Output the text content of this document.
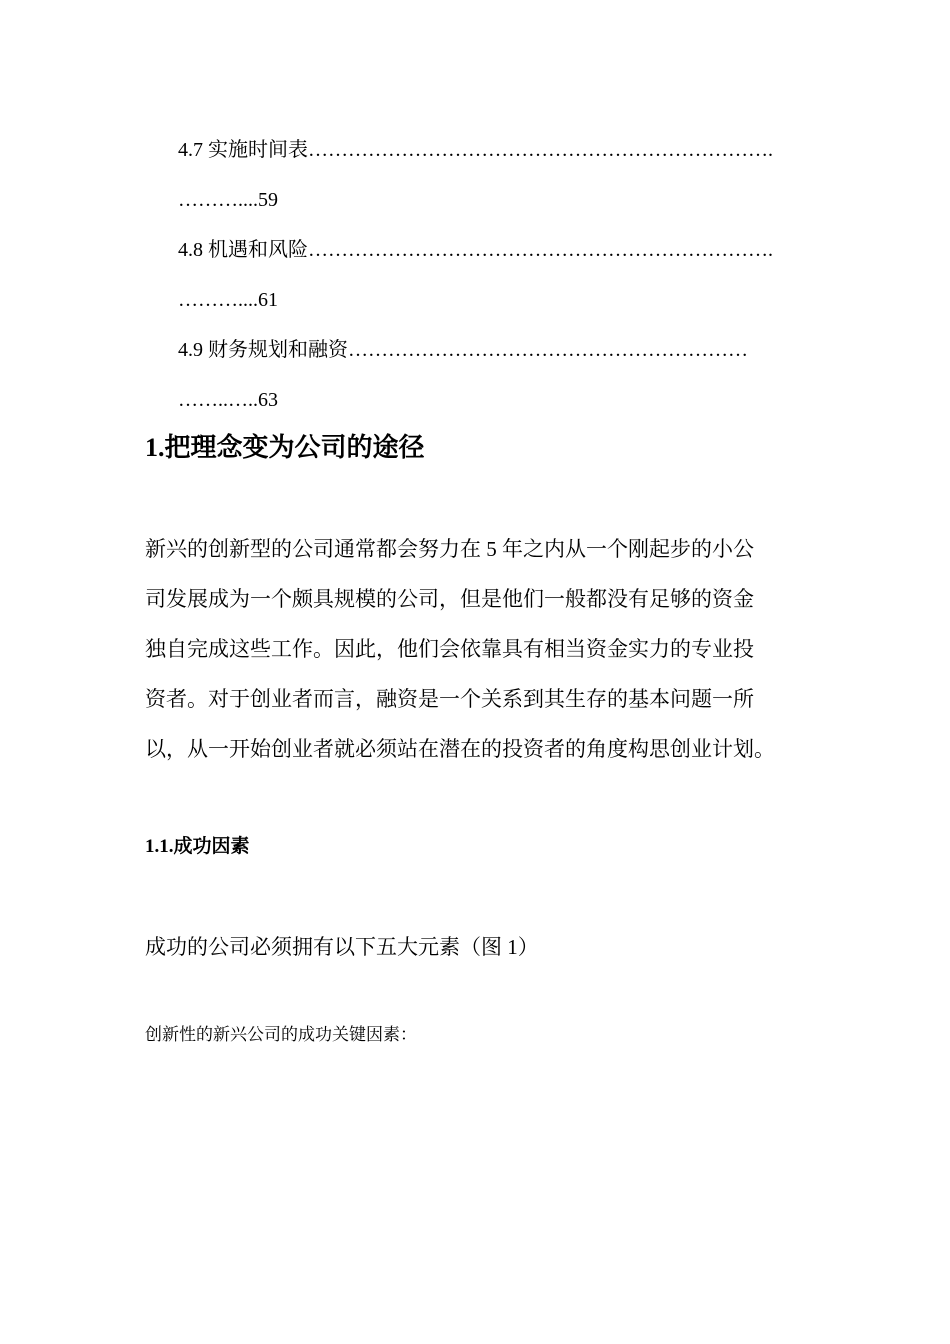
4.7 实施时间表…………………………………………………………….
………....59
4.8 机遇和风险…………………………………………………………….
………....61
4.9 财务规划和融资……………………………………………………
……..…..63
1.把理念变为公司的途径
新兴的创新型的公司通常都会努力在 5 年之内从一个刚起步的小公
司发展成为一个颇具规模的公司，但是他们一般都没有足够的资金
独自完成这些工作。因此，他们会依靠具有相当资金实力的专业投
资者。对于创业者而言，融资是一个关系到其生存的基本问题一所
以，从一开始创业者就必须站在潜在的投资者的角度构思创业计划。
1.1.成功因素
成功的公司必须拥有以下五大元素（图 1）
创新性的新兴公司的成功关键因素：
